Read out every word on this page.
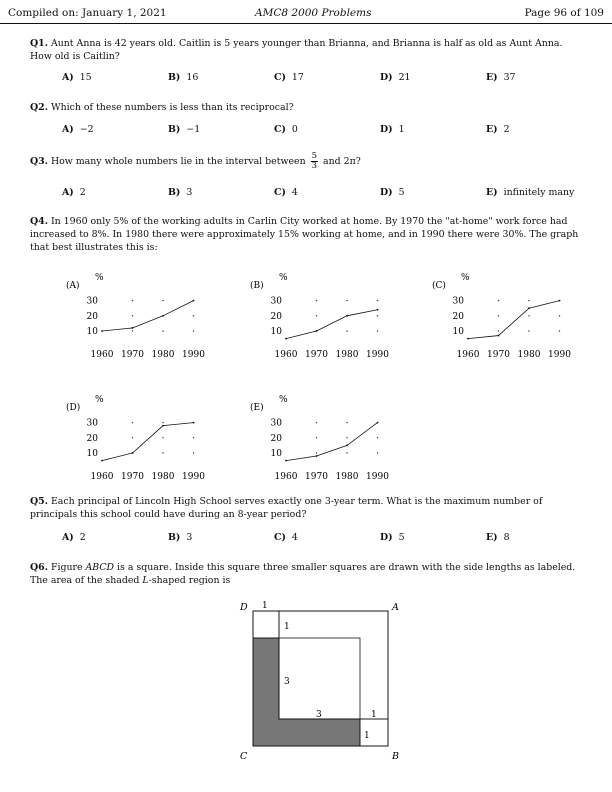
Compiled on: January 1, 2021	AMC8 2000 Problems	Page 96 of 109
Q1. Aunt Anna is 42 years old. Caitlin is 5 years younger than Brianna, and Brianna is half as old as Aunt Anna. How old is Caitlin?
A) 15	B) 16	C) 17	D) 21	E) 37
Q2. Which of these numbers is less than its reciprocal?
A) −2	B) −1	C) 0	D) 1	E) 2
Q3. How many whole numbers lie in the interval between $\frac{5}{3}$ and 2π?
A) 2	B) 3	C) 4	D) 5	E) infinitely many
Q4. In 1960 only 5% of the working adults in Carlin City worked at home. By 1970 the "at-home" work force had increased to 8%. In 1980 there were approximately 15% working at home, and in 1990 there were 30%. The graph that best illustrates this is:
(A)
%
10
20
30
1960 1970 1980 1990
(B)
%
10
20
30
1960 1970 1980 1990
(C)
%
10
20
30
1960 1970 1980 1990
(D)
%
10
20
30
1960 1970 1980 1990
(E)
%
10
20
30
1960 1970 1980 1990
Q5. Each principal of Lincoln High School serves exactly one 3-year term. What is the maximum number of principals this school could have during an 8-year period?
A) 2	B) 3	C) 4	D) 5	E) 8
Q6. Figure ABCD is a square. Inside this square three smaller squares are drawn with the side lengths as labeled. The area of the shaded L-shaped region is
D	A
C	B
1
1
3
3	1
1
